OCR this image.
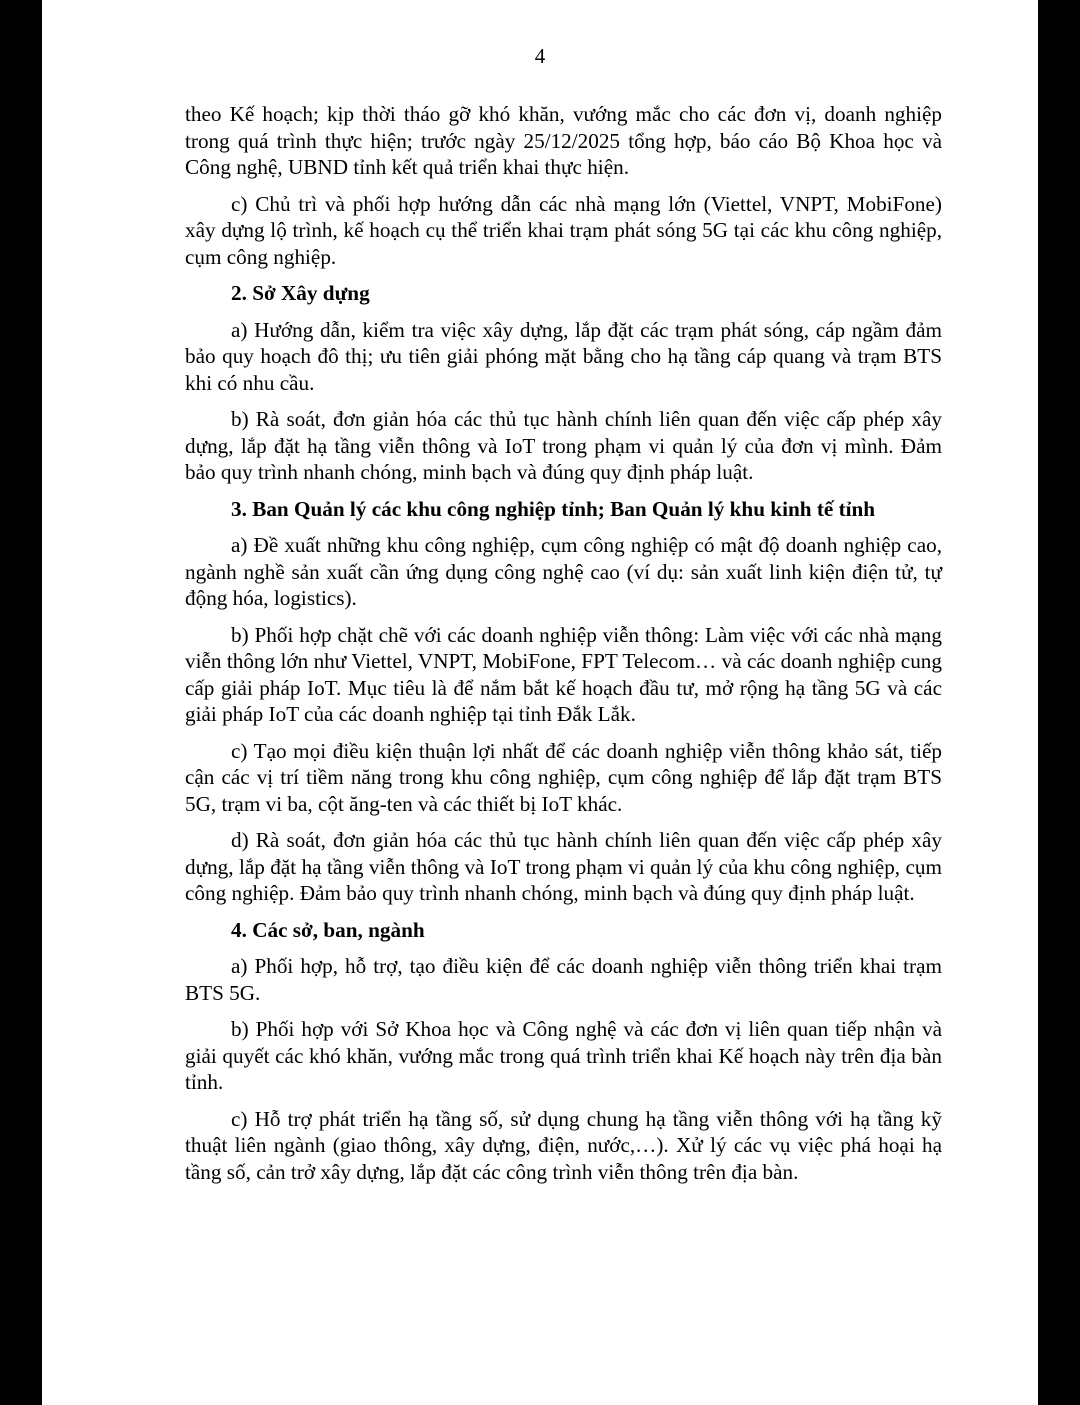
4

theo Kế hoạch; kịp thời tháo gỡ khó khăn, vướng mắc cho các đơn vị, doanh nghiệp trong quá trình thực hiện; trước ngày 25/12/2025 tổng hợp, báo cáo Bộ Khoa học và Công nghệ, UBND tỉnh kết quả triển khai thực hiện.

c) Chủ trì và phối hợp hướng dẫn các nhà mạng lớn (Viettel, VNPT, MobiFone) xây dựng lộ trình, kế hoạch cụ thể triển khai trạm phát sóng 5G tại các khu công nghiệp, cụm công nghiệp.

2. Sở Xây dựng

a) Hướng dẫn, kiểm tra việc xây dựng, lắp đặt các trạm phát sóng, cáp ngầm đảm bảo quy hoạch đô thị; ưu tiên giải phóng mặt bằng cho hạ tầng cáp quang và trạm BTS khi có nhu cầu.

b) Rà soát, đơn giản hóa các thủ tục hành chính liên quan đến việc cấp phép xây dựng, lắp đặt hạ tầng viễn thông và IoT trong phạm vi quản lý của đơn vị mình. Đảm bảo quy trình nhanh chóng, minh bạch và đúng quy định pháp luật.

3. Ban Quản lý các khu công nghiệp tỉnh; Ban Quản lý khu kinh tế tỉnh

a) Đề xuất những khu công nghiệp, cụm công nghiệp có mật độ doanh nghiệp cao, ngành nghề sản xuất cần ứng dụng công nghệ cao (ví dụ: sản xuất linh kiện điện tử, tự động hóa, logistics).

b) Phối hợp chặt chẽ với các doanh nghiệp viễn thông: Làm việc với các nhà mạng viễn thông lớn như Viettel, VNPT, MobiFone, FPT Telecom… và các doanh nghiệp cung cấp giải pháp IoT. Mục tiêu là để nắm bắt kế hoạch đầu tư, mở rộng hạ tầng 5G và các giải pháp IoT của các doanh nghiệp tại tỉnh Đắk Lắk.

c) Tạo mọi điều kiện thuận lợi nhất để các doanh nghiệp viễn thông khảo sát, tiếp cận các vị trí tiềm năng trong khu công nghiệp, cụm công nghiệp để lắp đặt trạm BTS 5G, trạm vi ba, cột ăng-ten và các thiết bị IoT khác.

d) Rà soát, đơn giản hóa các thủ tục hành chính liên quan đến việc cấp phép xây dựng, lắp đặt hạ tầng viễn thông và IoT trong phạm vi quản lý của khu công nghiệp, cụm công nghiệp. Đảm bảo quy trình nhanh chóng, minh bạch và đúng quy định pháp luật.

4. Các sở, ban, ngành

a) Phối hợp, hỗ trợ, tạo điều kiện để các doanh nghiệp viễn thông triển khai trạm BTS 5G.

b) Phối hợp với Sở Khoa học và Công nghệ và các đơn vị liên quan tiếp nhận và giải quyết các khó khăn, vướng mắc trong quá trình triển khai Kế hoạch này trên địa bàn tỉnh.

c) Hỗ trợ phát triển hạ tầng số, sử dụng chung hạ tầng viễn thông với hạ tầng kỹ thuật liên ngành (giao thông, xây dựng, điện, nước,…). Xử lý các vụ việc phá hoại hạ tầng số, cản trở xây dựng, lắp đặt các công trình viễn thông trên địa bàn.
